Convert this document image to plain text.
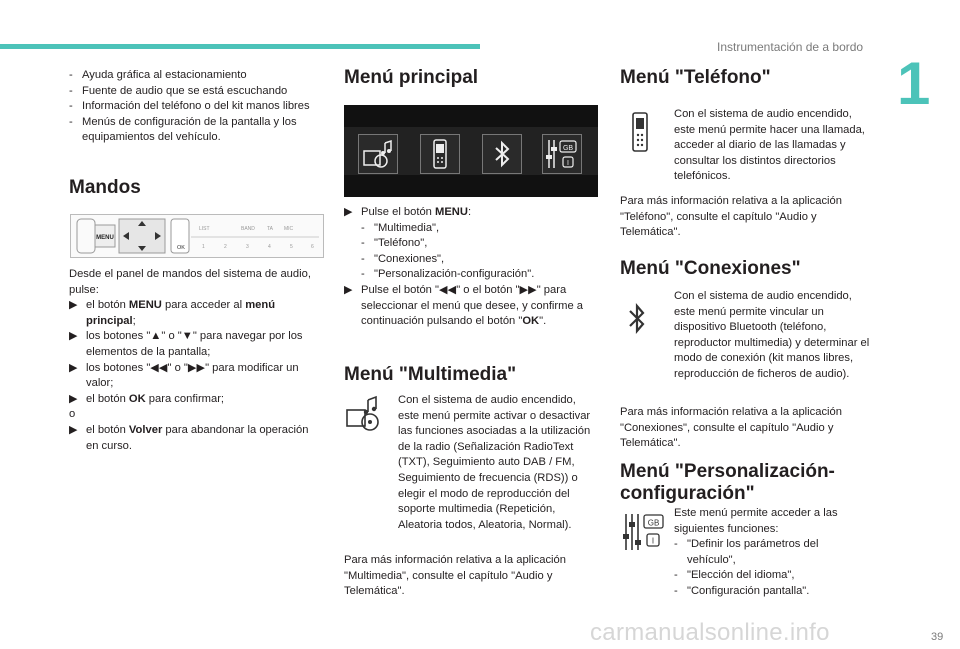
Instrumentación de a bordo
1
- Ayuda gráfica al estacionamiento
- Fuente de audio que se está escuchando
- Información del teléfono o del kit manos libres
- Menús de configuración de la pantalla y los equipamientos del vehículo.
Mandos
MENU
OK
LIST	BAND TA MIC
1	2	3	4	5	6
Desde el panel de mandos del sistema de audio, pulse:
▶ el botón MENU para acceder al menú principal;
▶ los botones "▲" o "▼" para navegar por los elementos de la pantalla;
▶ los botones "◀◀" o "▶▶" para modificar un valor;
▶ el botón OK para confirmar;
o
▶ el botón Volver para abandonar la operación en curso.
Menú principal
GB
I
▶ Pulse el botón MENU:
- "Multimedia",
- "Teléfono",
- "Conexiones",
- "Personalización-configuración".
▶ Pulse el botón "◀◀" o el botón "▶▶" para seleccionar el menú que desee, y confirme a continuación pulsando el botón "OK".
Menú "Multimedia"
Con el sistema de audio encendido, este menú permite activar o desactivar las funciones asociadas a la utilización de la radio (Señalización RadioText (TXT), Seguimiento auto DAB / FM, Seguimiento de frecuencia (RDS)) o elegir el modo de reproducción del soporte multimedia (Repetición, Aleatoria todos, Aleatoria, Normal).
Para más información relativa a la aplicación "Multimedia", consulte el capítulo "Audio y Telemática".
Menú "Teléfono"
Con el sistema de audio encendido, este menú permite hacer una llamada, acceder al diario de las llamadas y consultar los distintos directorios telefónicos.
Para más información relativa a la aplicación "Teléfono", consulte el capítulo "Audio y Telemática".
Menú "Conexiones"
Con el sistema de audio encendido, este menú permite vincular un dispositivo Bluetooth (teléfono, reproductor multimedia) y determinar el modo de conexión (kit manos libres, reproducción de ficheros de audio).
Para más información relativa a la aplicación "Conexiones", consulte el capítulo "Audio y Telemática".
Menú "Personalización-
configuración"
GB
I
Este menú permite acceder a las siguientes funciones:
- "Definir los parámetros del vehículo",
- "Elección del idioma",
- "Configuración pantalla".
carmanualsonline.info	39
